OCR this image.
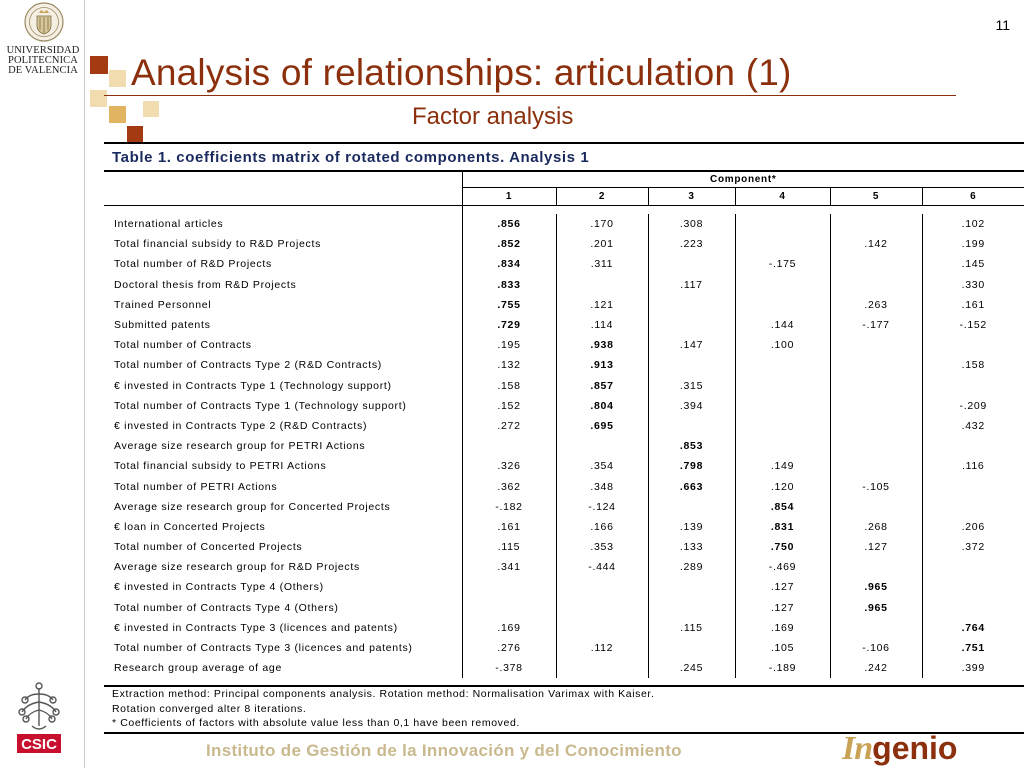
UNIVERSIDAD
POLITECNICA
DE VALENCIA
CSIC
11
Analysis of relationships: articulation (1)
Factor analysis
Table 1. coefficients matrix of rotated components. Analysis 1
	Component*					
	1	2	3	4	5	6

International articles	.856	.170	.308			.102
Total financial subsidy to R&D Projects	.852	.201	.223		.142	.199
Total number of R&D Projects	.834	.311		-.175		.145
Doctoral thesis from R&D Projects	.833		.117			.330
Trained Personnel	.755	.121			.263	.161
Submitted patents	.729	.114		.144	-.177	-.152
Total number of Contracts	.195	.938	.147	.100		
Total number of Contracts Type 2 (R&D Contracts)	.132	.913				.158
€ invested in Contracts Type 1 (Technology support)	.158	.857	.315			
Total number of Contracts Type 1 (Technology support)	.152	.804	.394			-.209
€ invested in Contracts Type 2 (R&D Contracts)	.272	.695				.432
Average size research group for PETRI Actions			.853			
Total financial subsidy to PETRI Actions	.326	.354	.798	.149		.116
Total number of PETRI Actions	.362	.348	.663	.120	-.105	
Average size research group for Concerted Projects	-.182	-.124		.854		
€ loan in Concerted Projects	.161	.166	.139	.831	.268	.206
Total number of Concerted Projects	.115	.353	.133	.750	.127	.372
Average size research group for R&D Projects	.341	-.444	.289	-.469		
€ invested in Contracts Type 4 (Others)				.127	.965	
Total number of Contracts Type 4 (Others)				.127	.965	
€ invested in Contracts Type 3 (licences and patents)	.169		.115	.169		.764
Total number of Contracts Type 3 (licences and patents)	.276	.112		.105	-.106	.751
Research group average of age	-.378		.245	-.189	.242	.399
Extraction method: Principal components analysis. Rotation method: Normalisation Varimax with Kaiser.
Rotation converged alter 8 iterations.
* Coefficients of factors with absolute value less than 0,1 have been removed.
Instituto de Gestión de la Innovación y del Conocimiento	Ingenio
